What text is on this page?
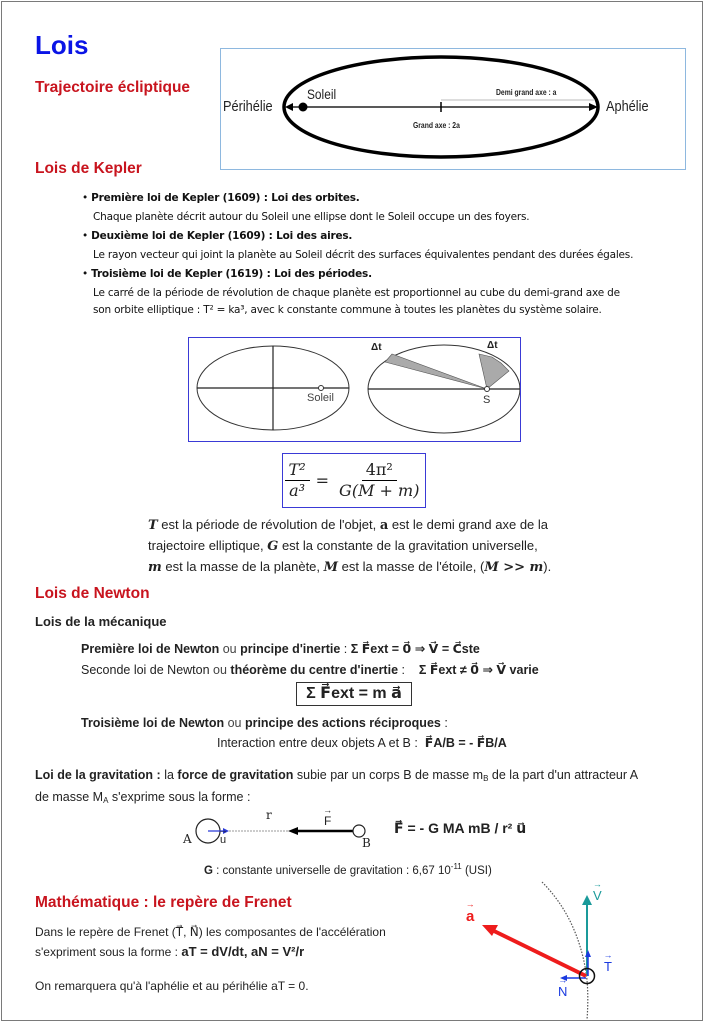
Lois
Trajectoire écliptique
Périhélie	Aphélie
Soleil	Demi grand axe : a
Grand axe : 2a
Lois de Kepler
• Première loi de Kepler (1609) : Loi des orbites.
Chaque planète décrit autour du Soleil une ellipse dont le Soleil occupe un des foyers.
• Deuxième loi de Kepler (1609) : Loi des aires.
Le rayon vecteur qui joint la planète au Soleil décrit des surfaces équivalentes pendant des durées égales.
• Troisième loi de Kepler (1619) : Loi des périodes.
Le carré de la période de révolution de chaque planète est proportionnel au cube du demi-grand axe de
son orbite elliptique : T² = ka³, avec k constante commune à toutes les planètes du système solaire.
Soleil
Δt	Δt
S
$\frac{\text{T²}}{\text{a³}} = \frac{\text{4π²}}{G(M + m)}$
T est la période de révolution de l'objet, a est le demi grand axe de la
trajectoire elliptique, G est la constante de la gravitation universelle,
m est la masse de la planète, M est la masse de l'étoile, (M >> m).
Lois de Newton
Lois de la mécanique
Première loi de Newton ou principe d'inertie : Σ F⃗ext = 0⃗ ⇒ V⃗ = C⃗ste
Seconde loi de Newton ou théorème du centre d'inertie : Σ F⃗ext ≠ 0⃗ ⇒ V⃗ varie
Σ F⃗ext = m a⃗
Troisième loi de Newton ou principe des actions réciproques :
Interaction entre deux objets A et B : F⃗A/B = - F⃗B/A
Loi de la gravitation : la force de gravitation subie par un corps B de masse $m_B$ de la part d'un attracteur A
de masse $M_A$ s'exprime sous la forme :
A	→ u
r	→ F
B
F⃗ = - G MA mB / r² u⃗
G : constante universelle de gravitation : 6,67 $10^{-11}$ (USI)
Mathématique : le repère de Frenet
Dans le repère de Frenet (T⃗, N⃗) les composantes de l'accélération
s'expriment sous la forme : aT = dV/dt, aN = V²/r
On remarquera qu'à l'aphélie et au périhélie aT = 0.
→ a
→ V
→ T
→ N
